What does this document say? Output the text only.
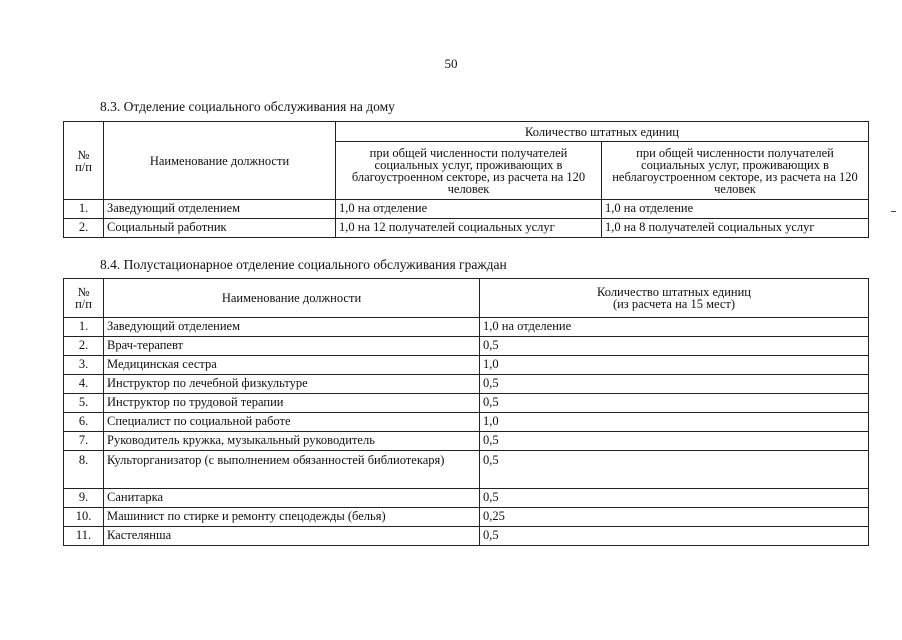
50
8.3. Отделение социального обслуживания на дому
№
п/п	Наименование должности	Количество штатных единиц	
		при общей численности получателей социальных услуг, проживающих в благоустроенном секторе, из расчета на 120 человек	при общей численности получателей социальных услуг, проживающих в неблагоустроенном секторе, из расчета на 120 человек
1.	Заведующий отделением	1,0 на отделение	1,0 на отделение
2.	Социальный работник	1,0 на 12 получателей социальных услуг	1,0 на 8 получателей социальных услуг
8.4. Полустационарное отделение социального обслуживания граждан
№
п/п	Наименование должности	Количество штатных единиц
(из расчета на 15 мест)
1.	Заведующий отделением	1,0 на отделение
2.	Врач-терапевт	0,5
3.	Медицинская сестра	1,0
4.	Инструктор по лечебной физкультуре	0,5
5.	Инструктор по трудовой терапии	0,5
6.	Специалист по социальной работе	1,0
7.	Руководитель кружка, музыкальный руководитель	0,5
8.	Культорганизатор (с выполнением обязанностей библиотекаря)	0,5
9.	Санитарка	0,5
10.	Машинист по стирке и ремонту спецодежды (белья)	0,25
11.	Кастелянша	0,5
